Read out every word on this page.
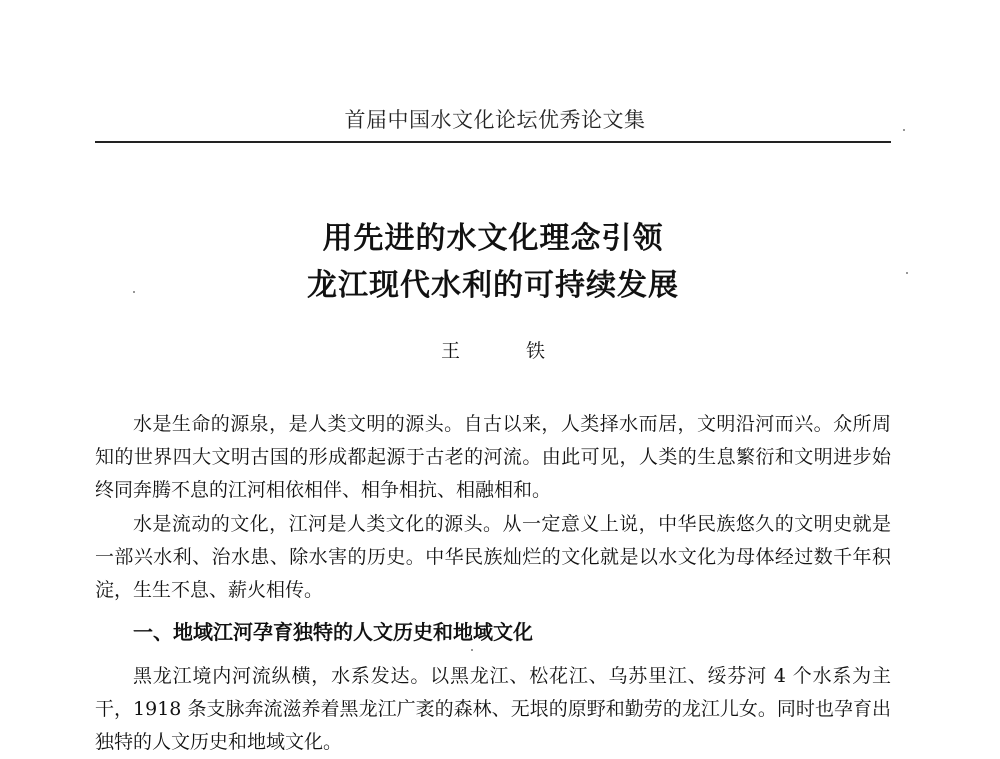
首届中国水文化论坛优秀论文集
用先进的水文化理念引领
龙江现代水利的可持续发展
王 铁

水是生命的源泉，是人类文明的源头。自古以来，人类择水而居，文明沿河而兴。众所周知的世界四大文明古国的形成都起源于古老的河流。由此可见，人类的生息繁衍和文明进步始终同奔腾不息的江河相依相伴、相争相抗、相融相和。

水是流动的文化，江河是人类文化的源头。从一定意义上说，中华民族悠久的文明史就是一部兴水利、治水患、除水害的历史。中华民族灿烂的文化就是以水文化为母体经过数千年积淀，生生不息、薪火相传。

一、地域江河孕育独特的人文历史和地域文化

黑龙江境内河流纵横，水系发达。以黑龙江、松花江、乌苏里江、绥芬河 4 个水系为主干，1918 条支脉奔流滋养着黑龙江广袤的森林、无垠的原野和勤劳的龙江儿女。同时也孕育出独特的人文历史和地域文化。
